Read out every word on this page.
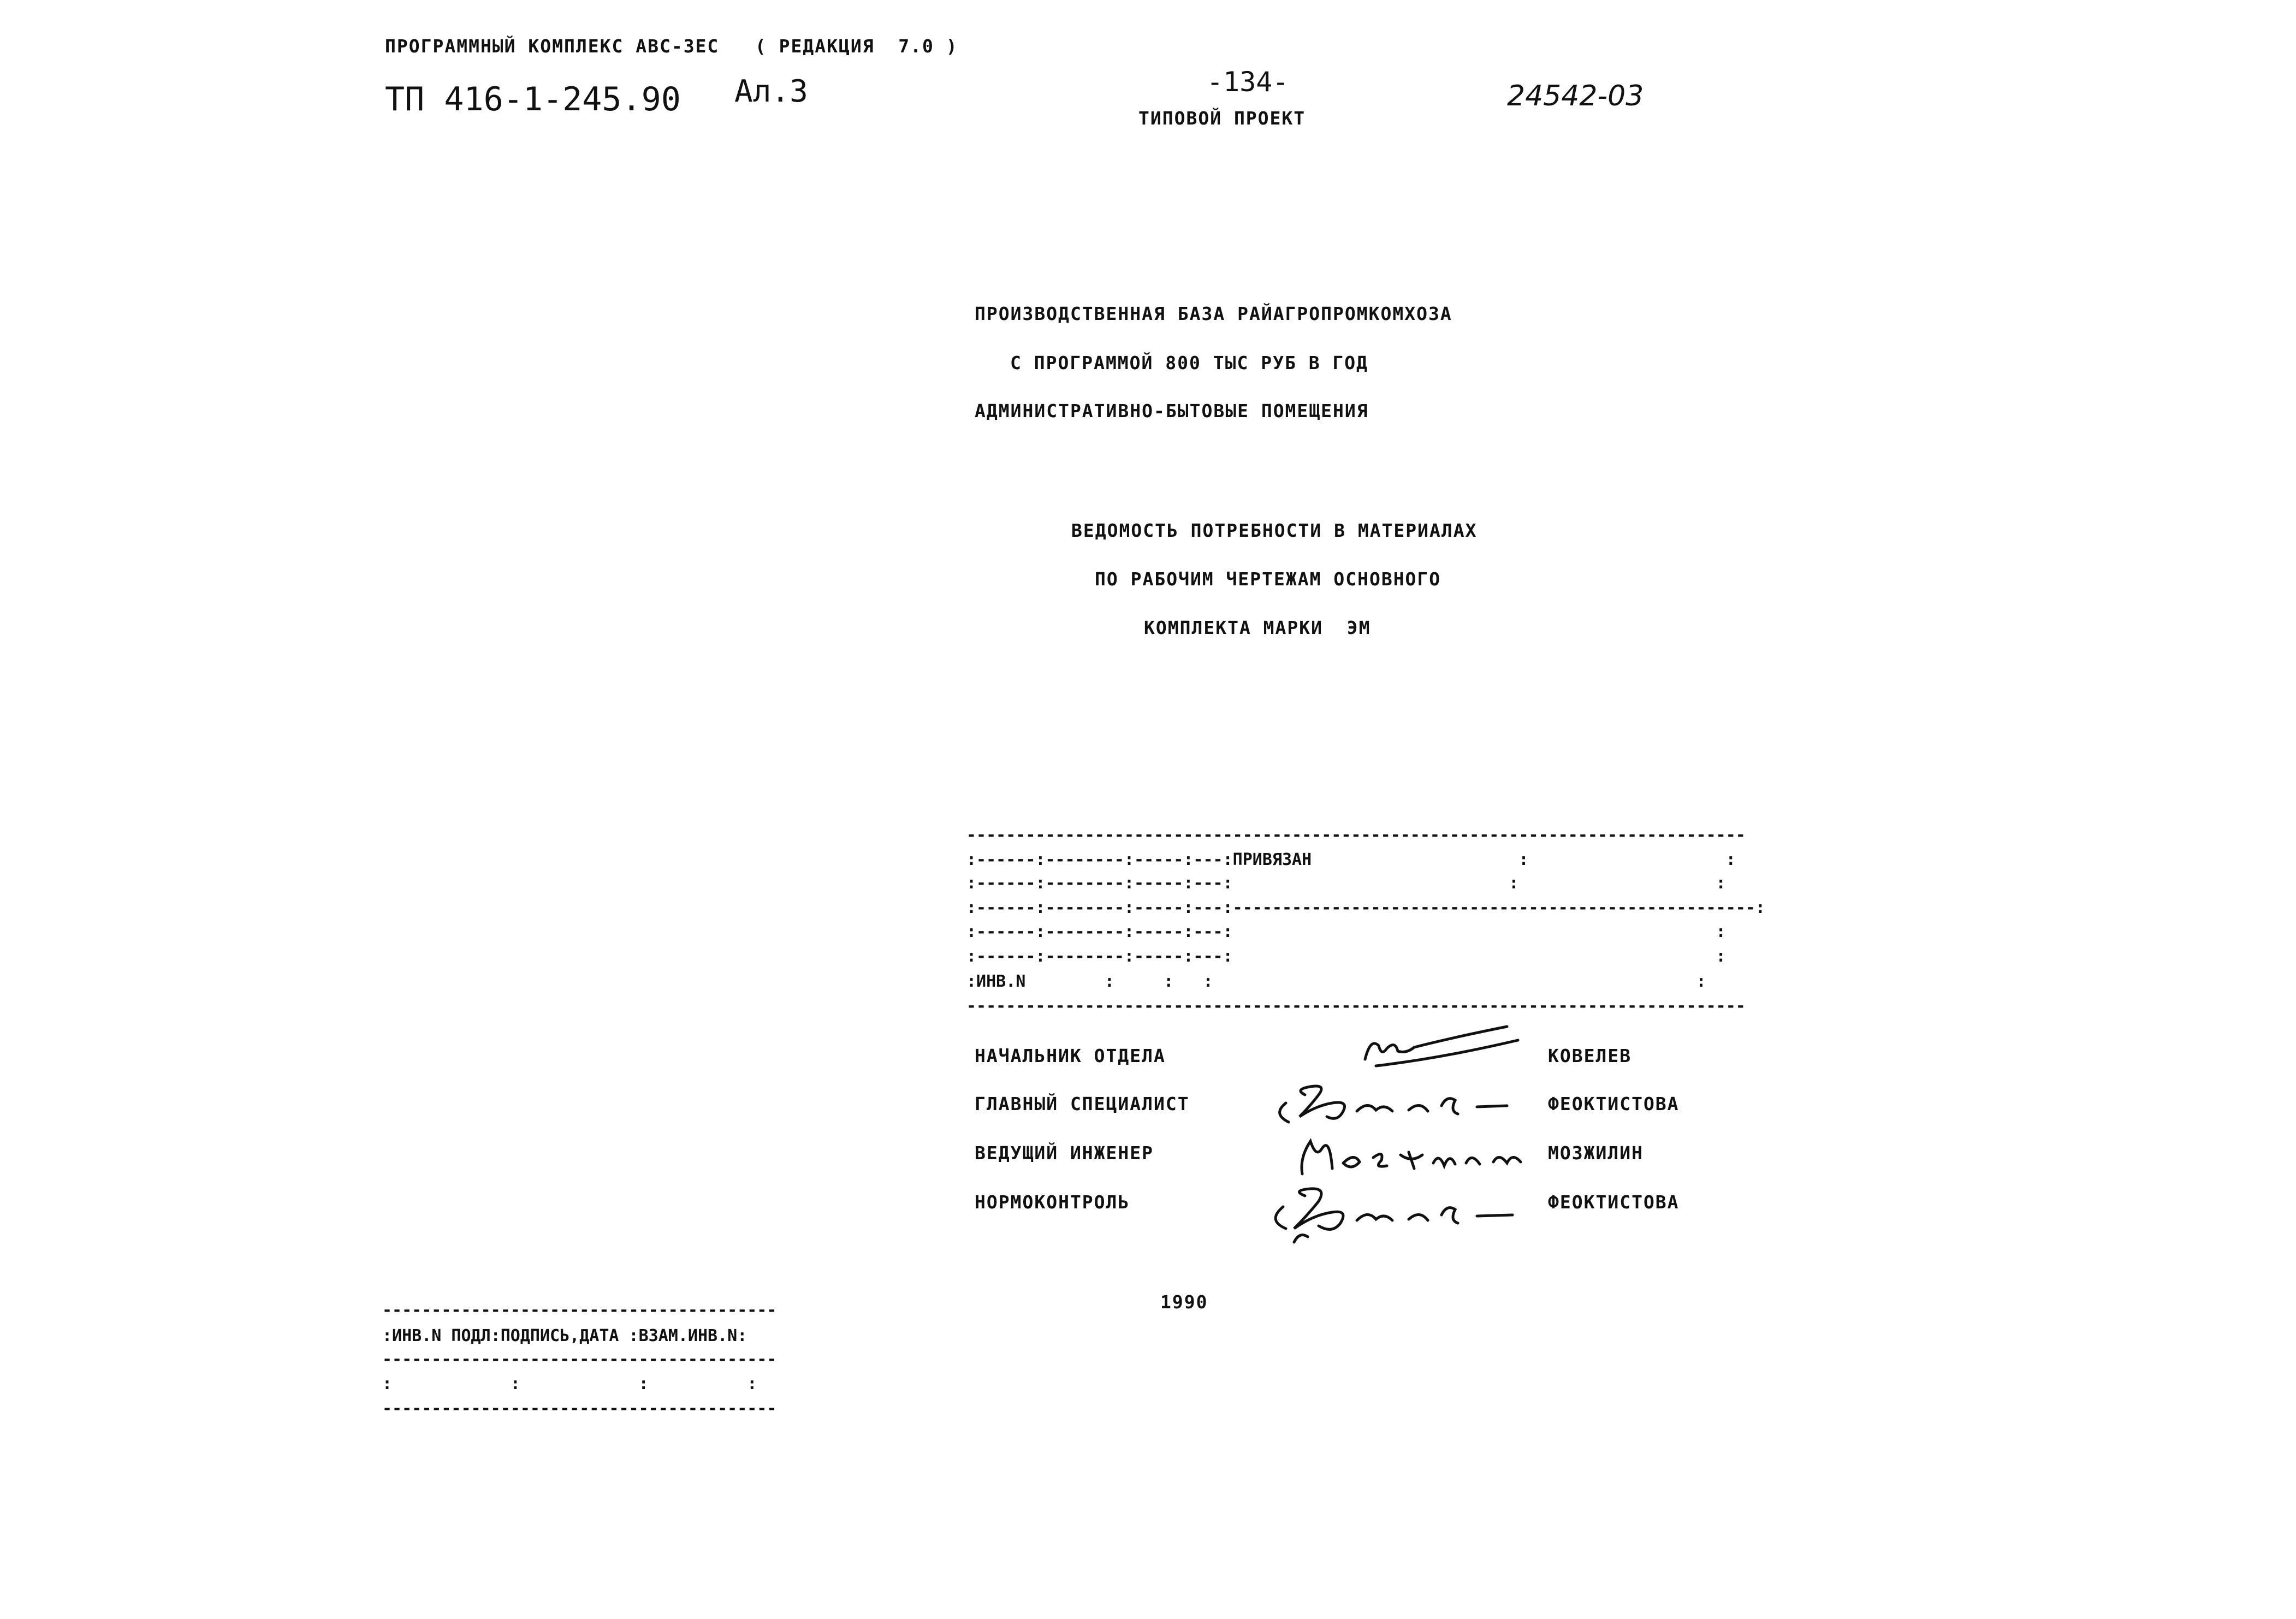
ПРОГРАММНЫЙ КОМПЛЕКС АВС-ЗЕС   ( РЕДАКЦИЯ  7.0 )
ТП 416-1-245.90 Ал.3	-134-
ТИПОВОЙ ПРОЕКТ
24542-03
ПРОИЗВОДСТВЕННАЯ БАЗА РАЙАГРОПРОМКОМХОЗА
С ПРОГРАММОЙ 800 ТЫС РУБ В ГОД
АДМИНИСТРАТИВНО-БЫТОВЫЕ ПОМЕЩЕНИЯ
ВЕДОМОСТЬ ПОТРЕБНОСТИ В МАТЕРИАЛАХ
ПО РАБОЧИМ ЧЕРТЕЖАМ ОСНОВНОГО
КОМПЛЕКТА МАРКИ  ЭМ
-------------------------------------------------------------------------------
:------:--------:-----:---:ПРИВЯЗАН                     :                    :
:------:--------:-----:---:                            :                    :
:------:--------:-----:---:-----------------------------------------------------:
:------:--------:-----:---:                                                 :
:------:--------:-----:---:                                                 :
:ИНВ.N        :     :   :                                                 :
-------------------------------------------------------------------------------
НАЧАЛЬНИК ОТДЕЛА
ГЛАВНЫЙ СПЕЦИАЛИСТ
ВЕДУЩИЙ ИНЖЕНЕР
НОРМОКОНТРОЛЬ
КОВЕЛЕВ
ФЕОКТИСТОВА
МОЗЖИЛИН
ФЕОКТИСТОВА
1990
----------------------------------------
:ИНВ.N ПОДЛ:ПОДПИСЬ,ДАТА :ВЗАМ.ИНВ.N:
----------------------------------------
:            :            :          :
----------------------------------------
